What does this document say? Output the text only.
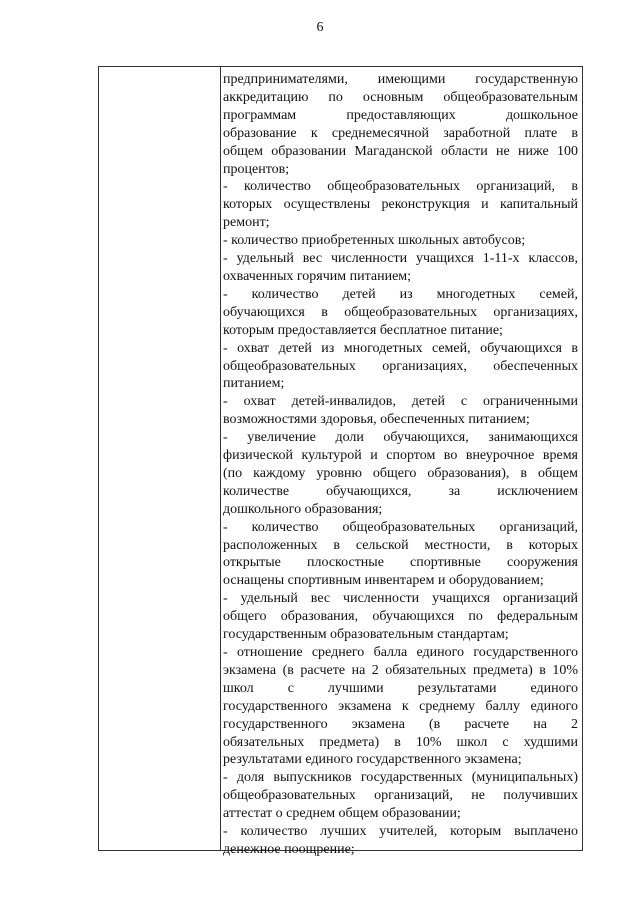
6
предпринимателями, имеющими государственную
аккредитацию по основным общеобразовательным
программам предоставляющих дошкольное
образование к среднемесячной заработной плате в
общем образовании Магаданской области не ниже 100
процентов;
- количество общеобразовательных организаций, в
которых осуществлены реконструкция и капитальный
ремонт;
- количество приобретенных школьных автобусов;
- удельный вес численности учащихся 1-11-х классов,
охваченных горячим питанием;
- количество детей из многодетных семей,
обучающихся в общеобразовательных организациях,
которым предоставляется бесплатное питание;
- охват детей из многодетных семей, обучающихся в
общеобразовательных организациях, обеспеченных
питанием;
- охват детей-инвалидов, детей с ограниченными
возможностями здоровья, обеспеченных питанием;
- увеличение доли обучающихся, занимающихся
физической культурой и спортом во внеурочное время
(по каждому уровню общего образования), в общем
количестве обучающихся, за исключением
дошкольного образования;
- количество общеобразовательных организаций,
расположенных в сельской местности, в которых
открытые плоскостные спортивные сооружения
оснащены спортивным инвентарем и оборудованием;
- удельный вес численности учащихся организаций
общего образования, обучающихся по федеральным
государственным образовательным стандартам;
- отношение среднего балла единого государственного
экзамена (в расчете на 2 обязательных предмета) в 10%
школ с лучшими результатами единого
государственного экзамена к среднему баллу единого
государственного экзамена (в расчете на 2
обязательных предмета) в 10% школ с худшими
результатами единого государственного экзамена;
- доля выпускников государственных (муниципальных)
общеобразовательных организаций, не получивших
аттестат о среднем общем образовании;
- количество лучших учителей, которым выплачено
денежное поощрение;
